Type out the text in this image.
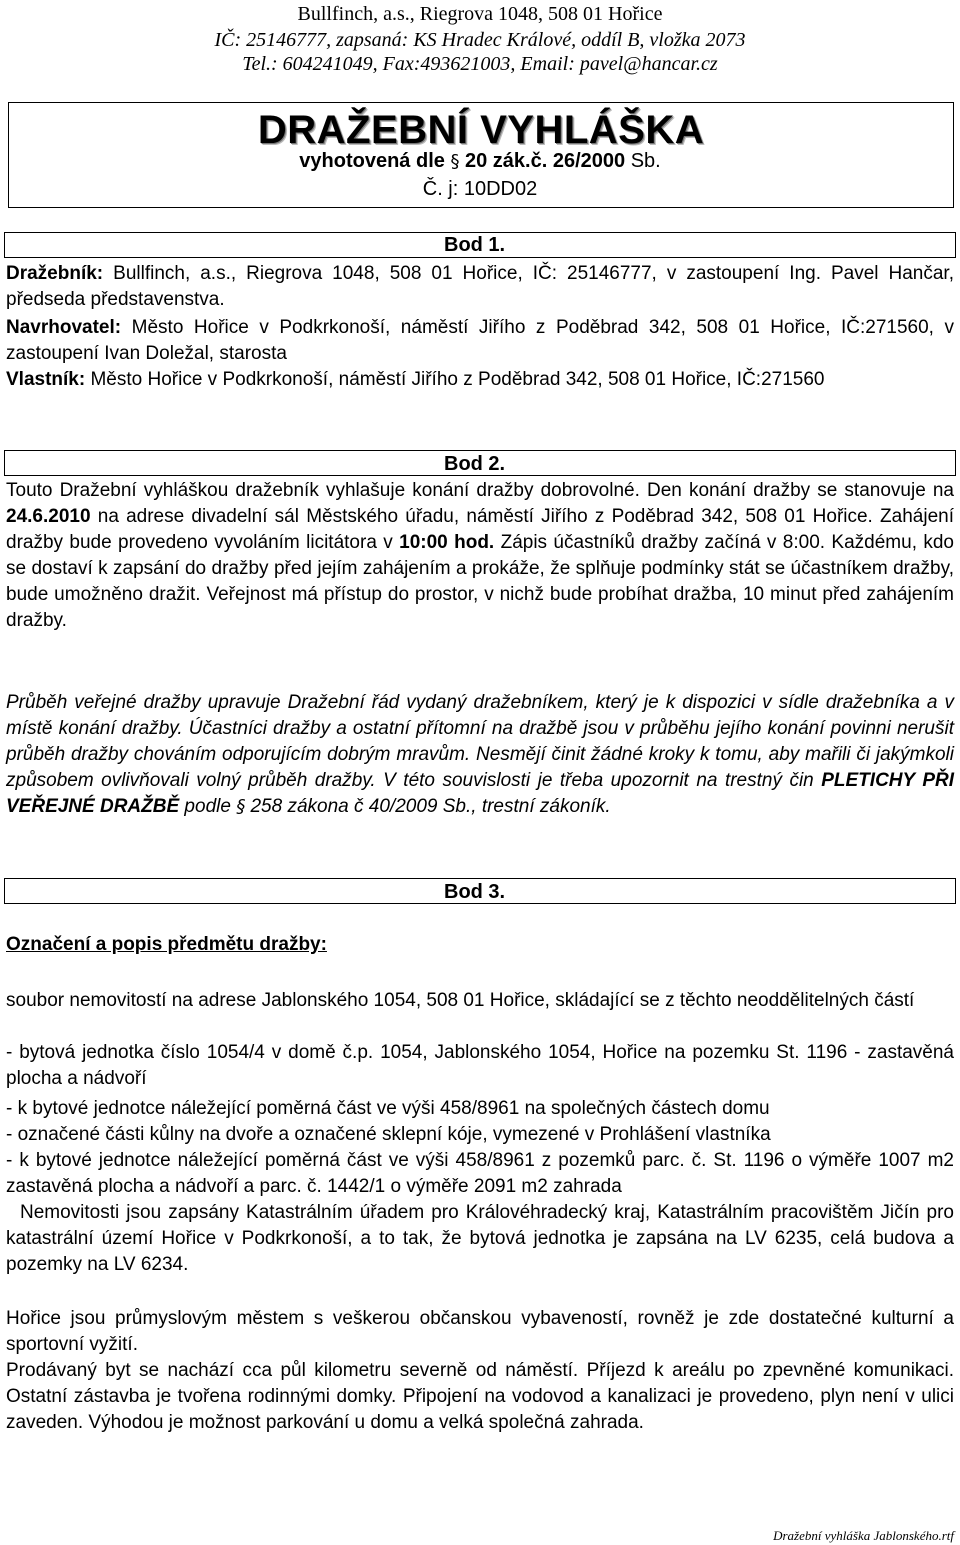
Bullfinch, a.s., Riegrova 1048, 508 01 Hořice
IČ: 25146777, zapsaná: KS Hradec Králové, oddíl B, vložka 2073
Tel.: 604241049, Fax:493621003, Email: pavel@hancar.cz
DRAŽEBNÍ VYHLÁŠKA
vyhotovená dle § 20 zák.č. 26/2000 Sb.
Č. j: 10DD02
Bod 1.
Dražebník: Bullfinch, a.s., Riegrova 1048, 508 01 Hořice, IČ: 25146777, v zastoupení Ing. Pavel Hančar, předseda představenstva.
Navrhovatel: Město Hořice v Podkrkonoší, náměstí Jiřího z Poděbrad 342, 508 01 Hořice, IČ:271560, v zastoupení Ivan Doležal, starosta
Vlastník: Město Hořice v Podkrkonoší, náměstí Jiřího z Poděbrad 342, 508 01 Hořice, IČ:271560
Bod 2.
Touto Dražební vyhláškou dražebník vyhlašuje konání dražby dobrovolné. Den konání dražby se stanovuje na 24.6.2010 na adrese divadelní sál Městského úřadu, náměstí Jiřího z Poděbrad 342, 508 01 Hořice. Zahájení dražby bude provedeno vyvoláním licitátora v 10:00 hod. Zápis účastníků dražby začíná v 8:00. Každému, kdo se dostaví k zapsání do dražby před jejím zahájením a prokáže, že splňuje podmínky stát se účastníkem dražby, bude umožněno dražit. Veřejnost má přístup do prostor, v nichž bude probíhat dražba, 10 minut před zahájením dražby.
Průběh veřejné dražby upravuje Dražební řád vydaný dražebníkem, který je k dispozici v sídle dražebníka a v místě konání dražby. Účastníci dražby a ostatní přítomní na dražbě jsou v průběhu jejího konání povinni nerušit průběh dražby chováním odporujícím dobrým mravům. Nesmějí činit žádné kroky k tomu, aby mařili či jakýmkoli způsobem ovlivňovali volný průběh dražby. V této souvislosti je třeba upozornit na trestný čin PLETICHY PŘI VEŘEJNÉ DRAŽBĚ podle § 258 zákona č 40/2009 Sb., trestní zákoník.
Bod 3.
Označení a popis předmětu dražby:
soubor nemovitostí na adrese Jablonského 1054, 508 01 Hořice, skládající se z těchto neoddělitelných částí
- bytová jednotka číslo 1054/4 v domě č.p. 1054, Jablonského 1054, Hořice na pozemku St. 1196 - zastavěná plocha a nádvoří
- k bytové jednotce náležející poměrná část ve výši 458/8961 na společných částech domu
- označené části kůlny na dvoře a označené sklepní kóje, vymezené v Prohlášení vlastníka
- k bytové jednotce náležející poměrná část ve výši 458/8961 z pozemků parc. č. St. 1196 o výměře 1007 m2 zastavěná plocha a nádvoří a parc. č. 1442/1 o výměře 2091 m2 zahrada
Nemovitosti jsou zapsány Katastrálním úřadem pro Královéhradecký kraj, Katastrálním pracovištěm Jičín pro katastrální území Hořice v Podkrkonoší, a to tak, že bytová jednotka je zapsána na LV 6235, celá budova a pozemky na LV 6234.
Hořice jsou průmyslovým městem s veškerou občanskou vybaveností, rovněž je zde dostatečné kulturní a sportovní vyžití.
Prodávaný byt se nachází cca půl kilometru severně od náměstí. Příjezd k areálu po zpevněné komunikaci. Ostatní zástavba je tvořena rodinnými domky. Připojení na vodovod a kanalizaci je provedeno, plyn není v ulici zaveden. Výhodou je možnost parkování u domu a velká společná zahrada.
Dražební vyhláška Jablonského.rtf
